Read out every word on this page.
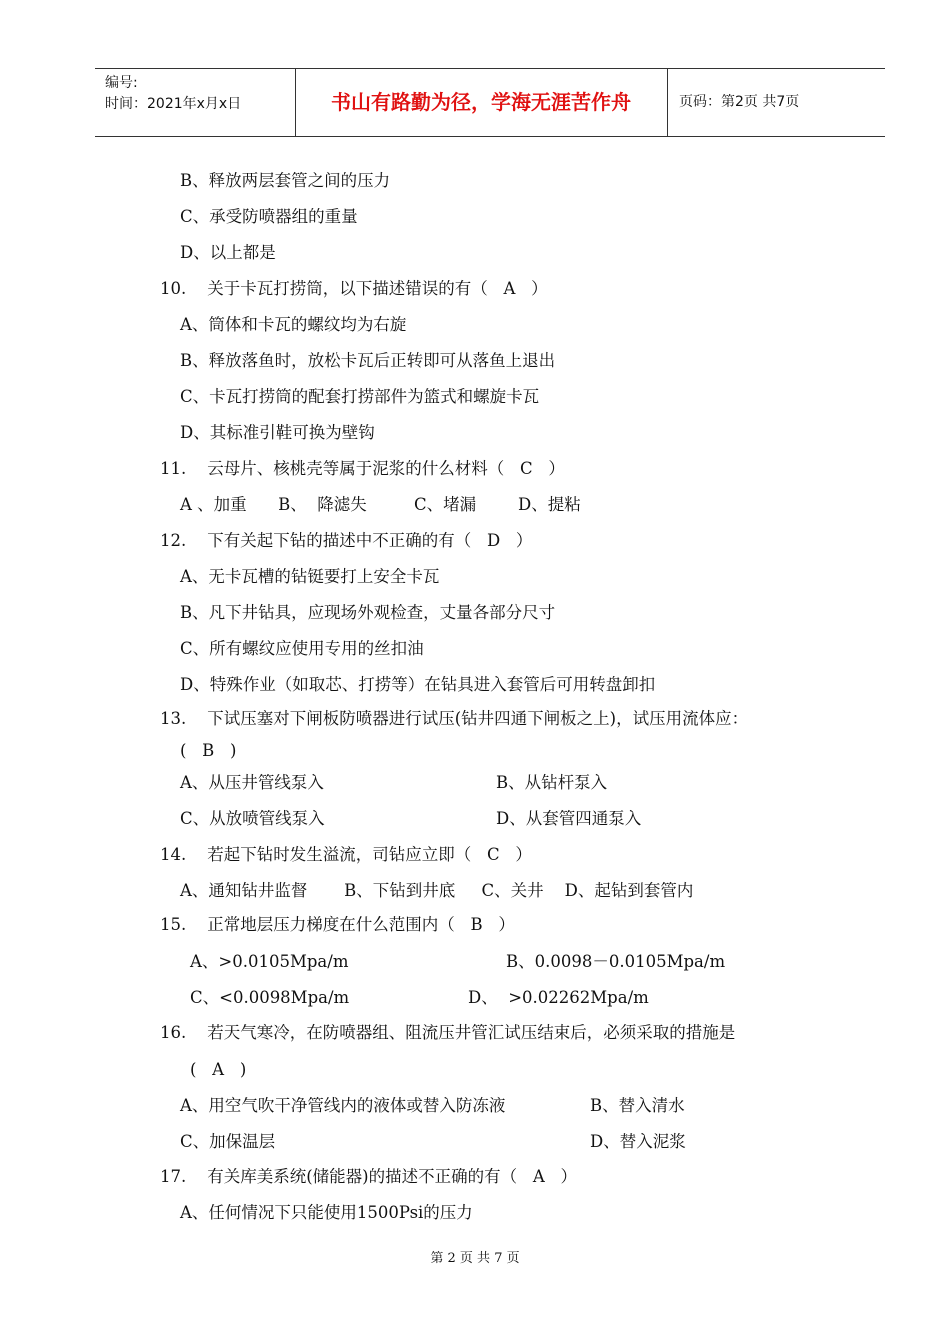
编号:
时间：2021年x月x日	书山有路勤为径，学海无涯苦作舟	页码：第2页 共7页
B、释放两层套管之间的压力
C、承受防喷器组的重量
D、以上都是
10.    关于卡瓦打捞筒，以下描述错误的有（   A   ）
A、筒体和卡瓦的螺纹均为右旋
B、释放落鱼时，放松卡瓦后正转即可从落鱼上退出
C、卡瓦打捞筒的配套打捞部件为篮式和螺旋卡瓦
D、其标准引鞋可换为壁钩
11.    云母片、核桃壳等属于泥浆的什么材料（   C   ）
A 、加重      B、  降滤失         C、堵漏        D、提粘
12.    下有关起下钻的描述中不正确的有（   D   ）
A、无卡瓦槽的钻铤要打上安全卡瓦
B、凡下井钻具，应现场外观检查，丈量各部分尺寸
C、所有螺纹应使用专用的丝扣油
D、特殊作业（如取芯、打捞等）在钻具进入套管后可用转盘卸扣
13.    下试压塞对下闸板防喷器进行试压(钻井四通下闸板之上)，试压用流体应：
(   B   )
A、从压井管线泵入	B、从钻杆泵入
C、从放喷管线泵入	D、从套管四通泵入
14.    若起下钻时发生溢流，司钻应立即（   C   ）
A、通知钻井监督       B、下钻到井底     C、关井    D、起钻到套管内
15.    正常地层压力梯度在什么范围内（   B   ）
A、>0.0105Mpa/m	B、0.0098－0.0105Mpa/m
C、<0.0098Mpa/m	D、  >0.02262Mpa/m
16.    若天气寒冷，在防喷器组、阻流压井管汇试压结束后，必须采取的措施是
(   A   )
A、用空气吹干净管线内的液体或替入防冻液	B、替入清水
C、加保温层	D、替入泥浆
17.    有关库美系统(储能器)的描述不正确的有（   A   ）
A、任何情况下只能使用1500Psi的压力
第 2 页 共 7 页
